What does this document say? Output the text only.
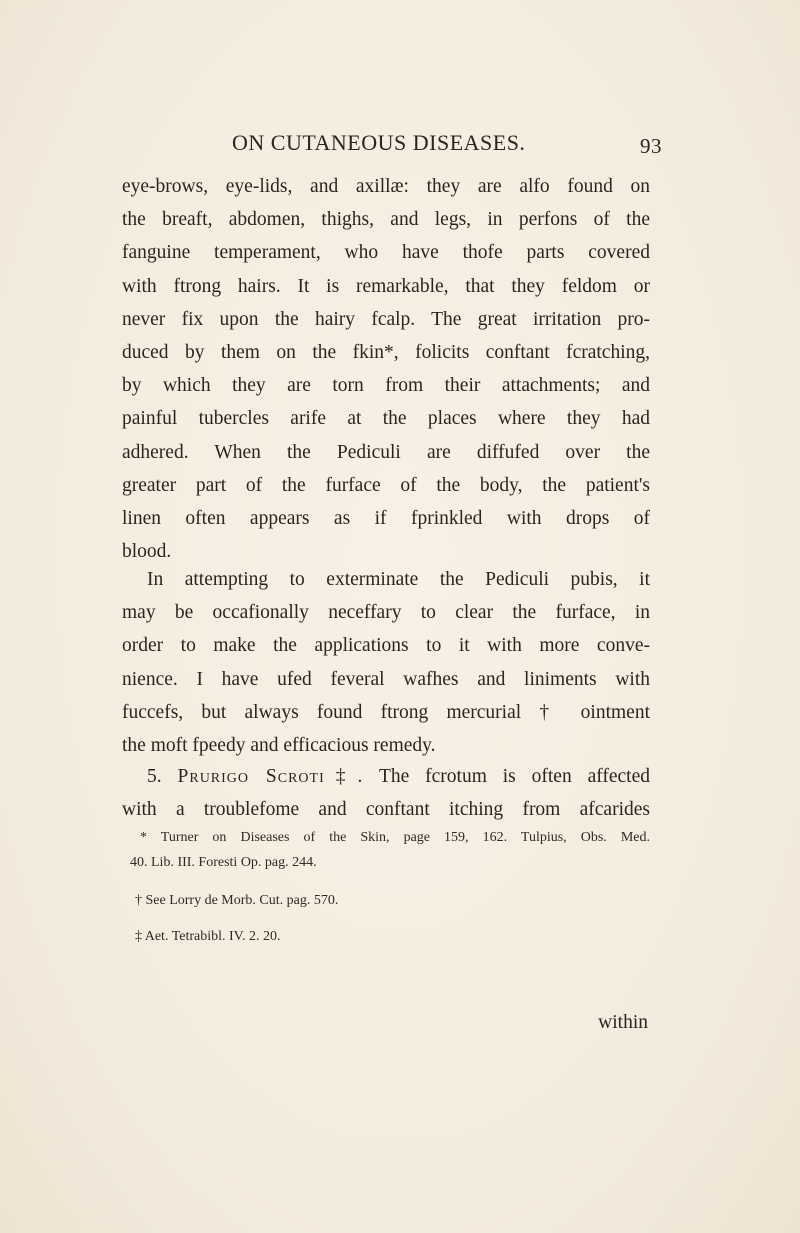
ON CUTANEOUS DISEASES.	93
eye-brows, eye-lids, and axillæ: they are alfo found on
the breaft, abdomen, thighs, and legs, in perfons of the
fanguine temperament, who have thofe parts covered
with ftrong hairs. It is remarkable, that they feldom or
never fix upon the hairy fcalp. The great irritation pro-
duced by them on the fkin*, folicits conftant fcratching,
by which they are torn from their attachments; and
painful tubercles arife at the places where they had
adhered. When the Pediculi are diffufed over the
greater part of the furface of the body, the patient's
linen often appears as if fprinkled with drops of
blood.
In attempting to exterminate the Pediculi pubis, it
may be occafionally neceffary to clear the furface, in
order to make the applications to it with more conve-
nience. I have ufed feveral wafhes and liniments with
fuccefs, but always found ftrong mercurial † ointment
the moft fpeedy and efficacious remedy.
5. Prurigo Scroti‡. The fcrotum is often affected
with a troublefome and conftant itching from afcarides
* Turner on Diseases of the Skin, page 159, 162. Tulpius, Obs. Med.
40. Lib. III. Foresti Op. pag. 244.
† See Lorry de Morb. Cut. pag. 570.
‡ Aet. Tetrabibl. IV. 2. 20.
within
